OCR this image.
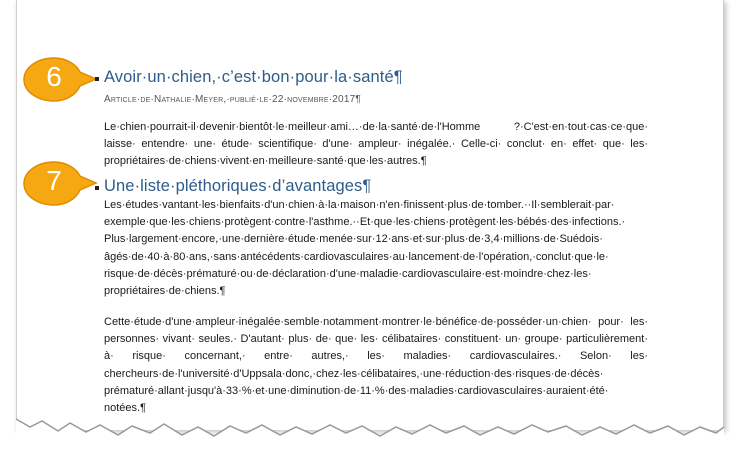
6
7
Avoir·un·chien,·c’est·bon·pour·la·santé¶
Article·de·Nathalie·Meyer,·publié·le·22·novembre·2017¶

Le·chien·pourrait-il·devenir·bientôt·le·meilleur·ami…·de·la·santé·de·l'Homme ?·C'est·en·tout·cas·ce·que· laisse· entendre· une· étude· scientifique· d'une· ampleur· inégalée.· Celle-ci· conclut· en· effet· que· les· propriétaires·de·chiens·vivent·en·meilleure·santé·que·les·autres.¶

Une·liste·pléthoriques·d’avantages¶

Les·études·vantant·les·bienfaits·d'un·chien·à·la·maison·n'en·finissent·plus·de·tomber.··Il·semblerait·par· exemple·que·les·chiens·protègent·contre·l'asthme.··Et·que·les·chiens·protègent·les·bébés·des·infections.· Plus·largement·encore,·une·dernière·étude·menée·sur·12·ans·et·sur·plus·de·3,4·millions·de·Suédois· âgés·de·40·à·80·ans,·sans·antécédents·cardiovasculaires·au·lancement·de·l'opération,·conclut·que·le· risque·de·décès·prématuré·ou·de·déclaration·d'une·maladie·cardiovasculaire·est·moindre·chez·les· propriétaires·de·chiens.¶

Cette·étude·d'une·ampleur·inégalée·semble·notamment·montrer·le·bénéfice·de·posséder·un·chien· pour· les· personnes· vivant· seules.· D'autant· plus· de· que· les· célibataires· constituent· un· groupe· particulièrement· à· risque· concernant,· entre· autres,· les· maladies· cardiovasculaires.· Selon· les· chercheurs·de·l'université·d'Uppsala·donc,·chez·les·célibataires,·une·réduction·des·risques·de·décès· prématuré·allant·jusqu'à·33·%·et·une·diminution·de·11·%·des·maladies·cardiovasculaires·auraient·été· notées.¶
